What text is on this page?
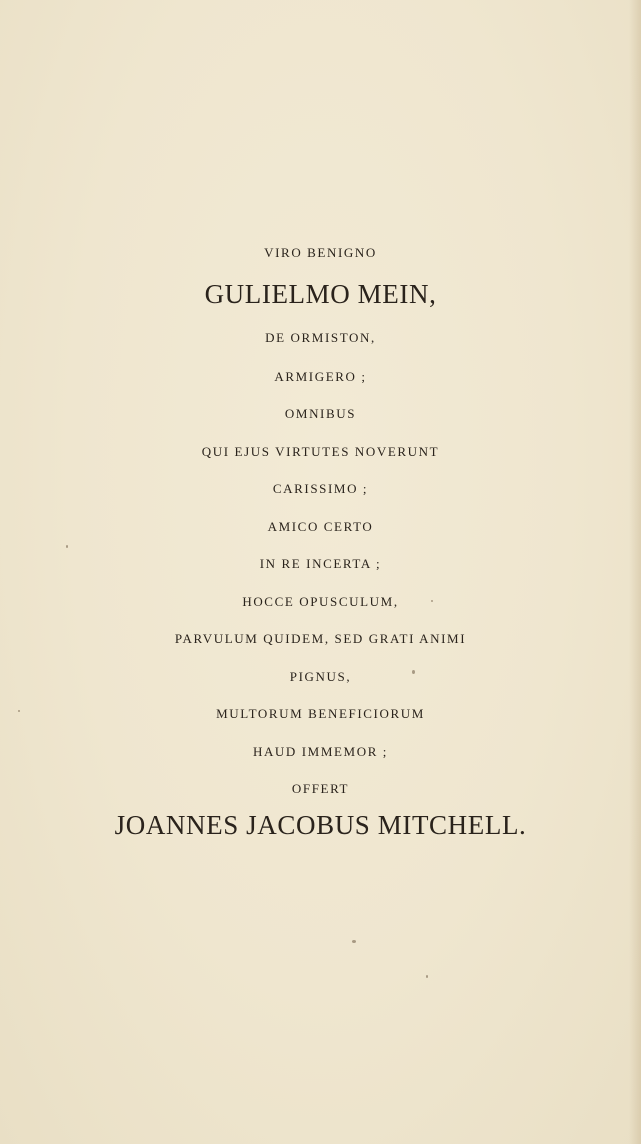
VIRO BENIGNO
GULIELMO MEIN,
DE ORMISTON,
ARMIGERO ;
OMNIBUS
QUI EJUS VIRTUTES NOVERUNT
CARISSIMO ;
AMICO CERTO
IN RE INCERTA ;
HOCCE OPUSCULUM,
PARVULUM QUIDEM, SED GRATI ANIMI
PIGNUS,
MULTORUM BENEFICIORUM
HAUD IMMEMOR ;
OFFERT
JOANNES JACOBUS MITCHELL.
